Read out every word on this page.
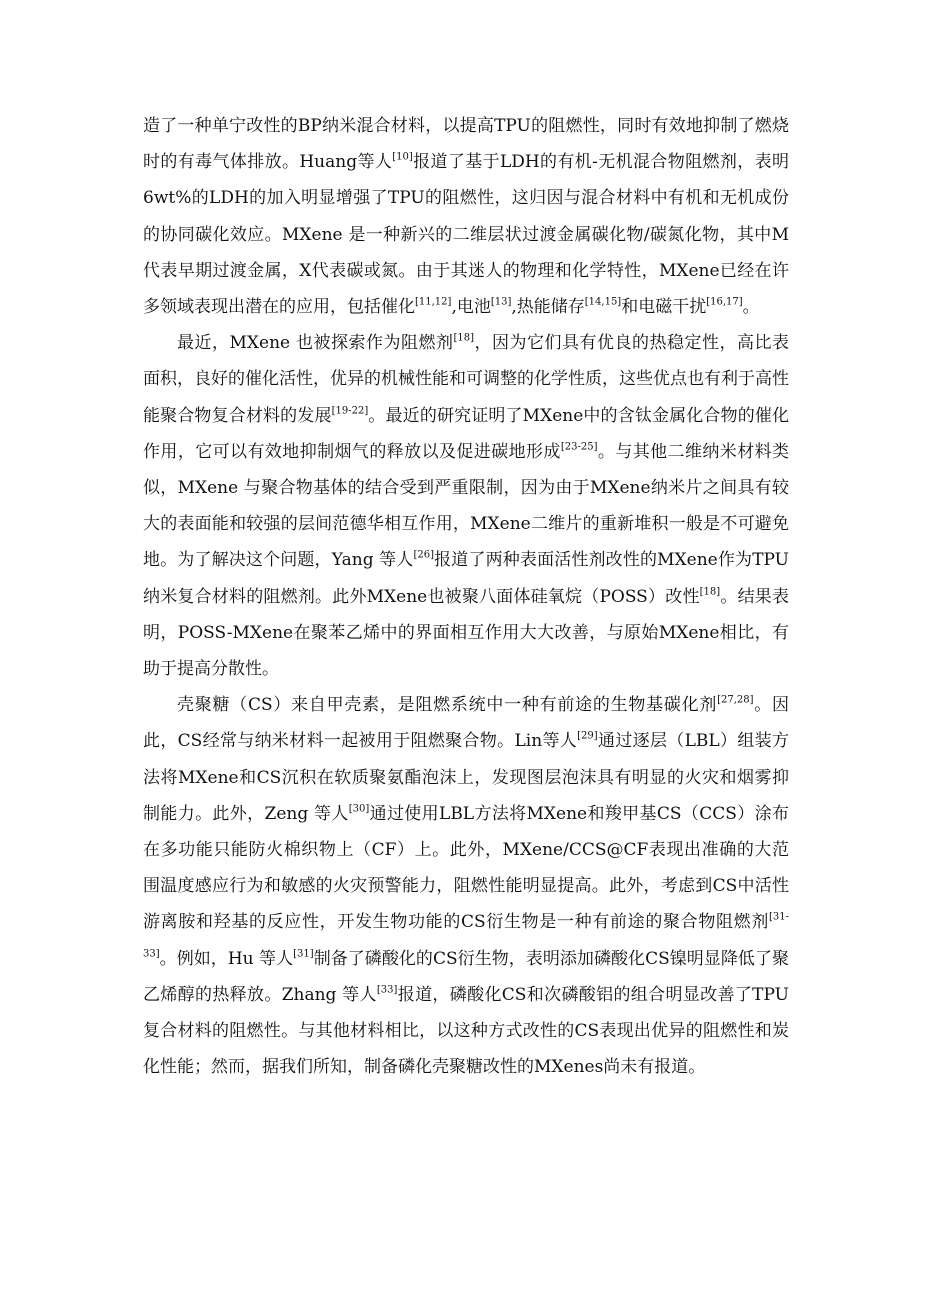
造了一种单宁改性的BP纳米混合材料，以提高TPU的阻燃性，同时有效地抑制了燃烧时的有毒气体排放。Huang等人[10]报道了基于LDH的有机-无机混合物阻燃剂，表明6wt%的LDH的加入明显增强了TPU的阻燃性，这归因与混合材料中有机和无机成份的协同碳化效应。MXene 是一种新兴的二维层状过渡金属碳化物/碳氮化物，其中M代表早期过渡金属，X代表碳或氮。由于其迷人的物理和化学特性，MXene已经在许多领域表现出潜在的应用，包括催化[11,12],电池[13],热能储存[14,15]和电磁干扰[16,17]。

最近，MXene 也被探索作为阻燃剂[18]，因为它们具有优良的热稳定性，高比表面积，良好的催化活性，优异的机械性能和可调整的化学性质，这些优点也有利于高性能聚合物复合材料的发展[19-22]。最近的研究证明了MXene中的含钛金属化合物的催化作用，它可以有效地抑制烟气的释放以及促进碳地形成[23-25]。与其他二维纳米材料类似，MXene 与聚合物基体的结合受到严重限制，因为由于MXene纳米片之间具有较大的表面能和较强的层间范德华相互作用，MXene二维片的重新堆积一般是不可避免地。为了解决这个问题，Yang 等人[26]报道了两种表面活性剂改性的MXene作为TPU纳米复合材料的阻燃剂。此外MXene也被聚八面体硅氧烷（POSS）改性[18]。结果表明，POSS-MXene在聚苯乙烯中的界面相互作用大大改善，与原始MXene相比，有助于提高分散性。

壳聚糖（CS）来自甲壳素，是阻燃系统中一种有前途的生物基碳化剂[27,28]。因此，CS经常与纳米材料一起被用于阻燃聚合物。Lin等人[29]通过逐层（LBL）组装方法将MXene和CS沉积在软质聚氨酯泡沫上，发现图层泡沫具有明显的火灾和烟雾抑制能力。此外，Zeng 等人[30]通过使用LBL方法将MXene和羧甲基CS（CCS）涂布在多功能只能防火棉织物上（CF）上。此外，MXene/CCS@CF表现出准确的大范围温度感应行为和敏感的火灾预警能力，阻燃性能明显提高。此外，考虑到CS中活性游离胺和羟基的反应性，开发生物功能的CS衍生物是一种有前途的聚合物阻燃剂[31-33]。例如，Hu 等人[31]制备了磷酸化的CS衍生物，表明添加磷酸化CS镍明显降低了聚乙烯醇的热释放。Zhang 等人[33]报道，磷酸化CS和次磷酸铝的组合明显改善了TPU复合材料的阻燃性。与其他材料相比，以这种方式改性的CS表现出优异的阻燃性和炭化性能；然而，据我们所知，制备磷化壳聚糖改性的MXenes尚未有报道。
